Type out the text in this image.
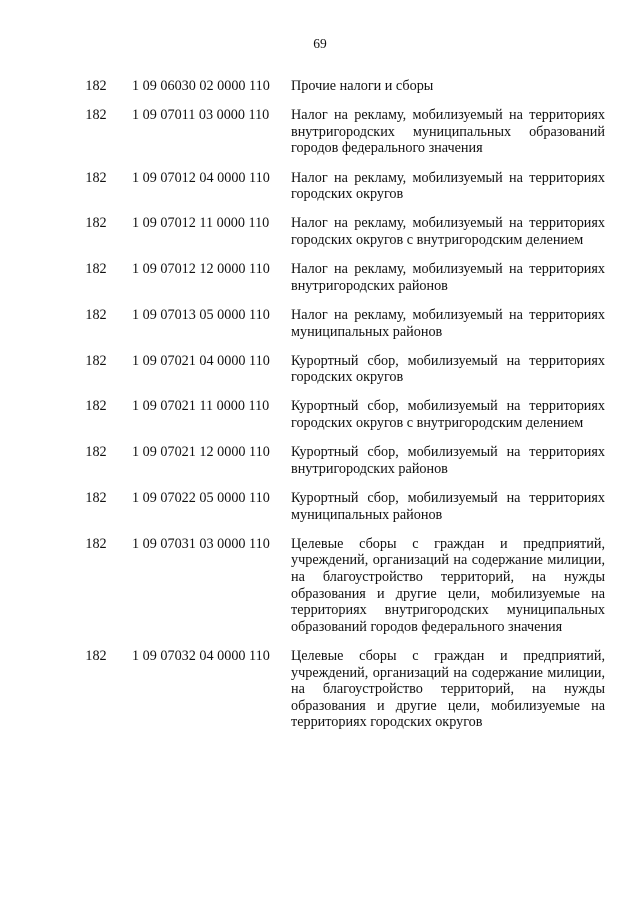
69
182	1 09 06030 02 0000 110 Прочие налоги и сборы
182	1 09 07011 03 0000 110 Налог на рекламу, мобилизуемый на территориях внутригородских муниципальных образований городов федерального значения
182	1 09 07012 04 0000 110 Налог на рекламу, мобилизуемый на территориях городских округов
182	1 09 07012 11 0000 110 Налог на рекламу, мобилизуемый на территориях городских округов с внутригородским делением
182	1 09 07012 12 0000 110 Налог на рекламу, мобилизуемый на территориях внутригородских районов
182	1 09 07013 05 0000 110 Налог на рекламу, мобилизуемый на территориях муниципальных районов
182	1 09 07021 04 0000 110 Курортный сбор, мобилизуемый на территориях городских округов
182	1 09 07021 11 0000 110 Курортный сбор, мобилизуемый на территориях городских округов с внутригородским делением
182	1 09 07021 12 0000 110 Курортный сбор, мобилизуемый на территориях внутригородских районов
182	1 09 07022 05 0000 110 Курортный сбор, мобилизуемый на территориях муниципальных районов
182	1 09 07031 03 0000 110 Целевые сборы с граждан и предприятий, учреждений, организаций на содержание милиции, на благоустройство территорий, на нужды образования и другие цели, мобилизуемые на территориях внутригородских муниципальных образований городов федерального значения
182	1 09 07032 04 0000 110 Целевые сборы с граждан и предприятий, учреждений, организаций на содержание милиции, на благоустройство территорий, на нужды образования и другие цели, мобилизуемые на территориях городских округов
